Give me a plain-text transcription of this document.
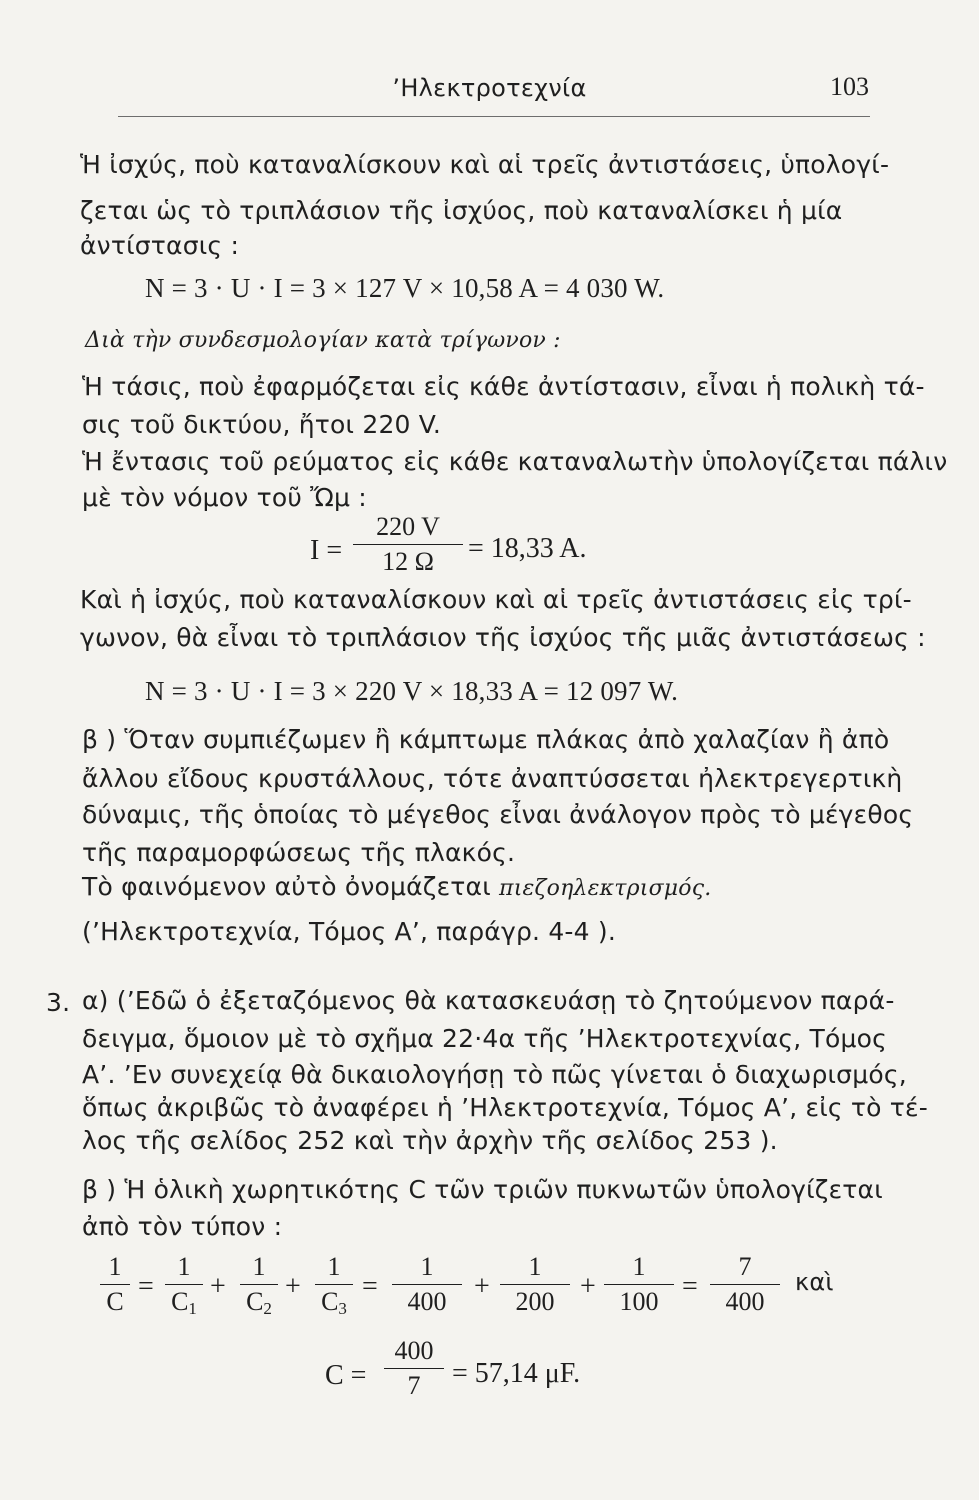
’Ηλεκτροτεχνία	103
Ἡ ἰσχύς, ποὺ καταναλίσκουν καὶ αἱ τρεῖς ἀντιστάσεις, ὑπολογί-
ζεται ὡς τὸ τριπλάσιον τῆς ἰσχύος, ποὺ καταναλίσκει ἡ μία
ἀντίστασις :
N = 3 · U · I = 3 × 127 V × 10,58 A = 4 030 W.
Διὰ τὴν συνδεσμολογίαν κατὰ τρίγωνον :
Ἡ τάσις, ποὺ ἐφαρμόζεται εἰς κάθε ἀντίστασιν, εἶναι ἡ πολικὴ τά-
σις τοῦ δικτύου, ἤτοι 220 V.
Ἡ ἔντασις τοῦ ρεύματος εἰς κάθε καταναλωτὴν ὑπολογίζεται πάλιν
μὲ τὸν νόμον τοῦ Ὤμ :
I =
220 V
12 Ω	= 18,33 A.
Καὶ ἡ ἰσχύς, ποὺ καταναλίσκουν καὶ αἱ τρεῖς ἀντιστάσεις εἰς τρί-
γωνον, θὰ εἶναι τὸ τριπλάσιον τῆς ἰσχύος τῆς μιᾶς ἀντιστάσεως :
N = 3 · U · I = 3 × 220 V × 18,33 A = 12 097 W.
β ) Ὅταν συμπιέζωμεν ἢ κάμπτωμε πλάκας ἀπὸ χαλαζίαν ἢ ἀπὸ
ἄλλου εἴδους κρυστάλλους, τότε ἀναπτύσσεται ἠλεκτρεγερτικὴ
δύναμις, τῆς ὁποίας τὸ μέγεθος εἶναι ἀνάλογον πρὸς τὸ μέγεθος
τῆς παραμορφώσεως τῆς πλακός.
Τὸ φαινόμενον αὐτὸ ὀνομάζεται πιεζοηλεκτρισμός.
(’Ηλεκτροτεχνία, Τόμος Α’, παράγρ. 4-4 ).
3. α) (’Εδῶ ὁ ἐξεταζόμενος θὰ κατασκευάσῃ τὸ ζητούμενον παρά-
δειγμα, ὅμοιον μὲ τὸ σχῆμα 22·4α τῆς ’Ηλεκτροτεχνίας, Τόμος
Α’. ’Εν συνεχείᾳ θὰ δικαιολογήσῃ τὸ πῶς γίνεται ὁ διαχωρισμός,
ὅπως ἀκριβῶς τὸ ἀναφέρει ἡ ’Ηλεκτροτεχνία, Τόμος Α’, εἰς τὸ τέ-
λος τῆς σελίδος 252 καὶ τὴν ἀρχὴν τῆς σελίδος 253 ).
β ) Ἡ ὁλικὴ χωρητικότης C τῶν τριῶν πυκνωτῶν ὑπολογίζεται
ἀπὸ τὸν τύπον :
1
C =
1
$C_1$
+
1
$C_2$
+
1
$C_3$
=
1
400 +
1
200 +
1
100 =
7
400
καὶ
C =
400
7	= 57,14 μF.
